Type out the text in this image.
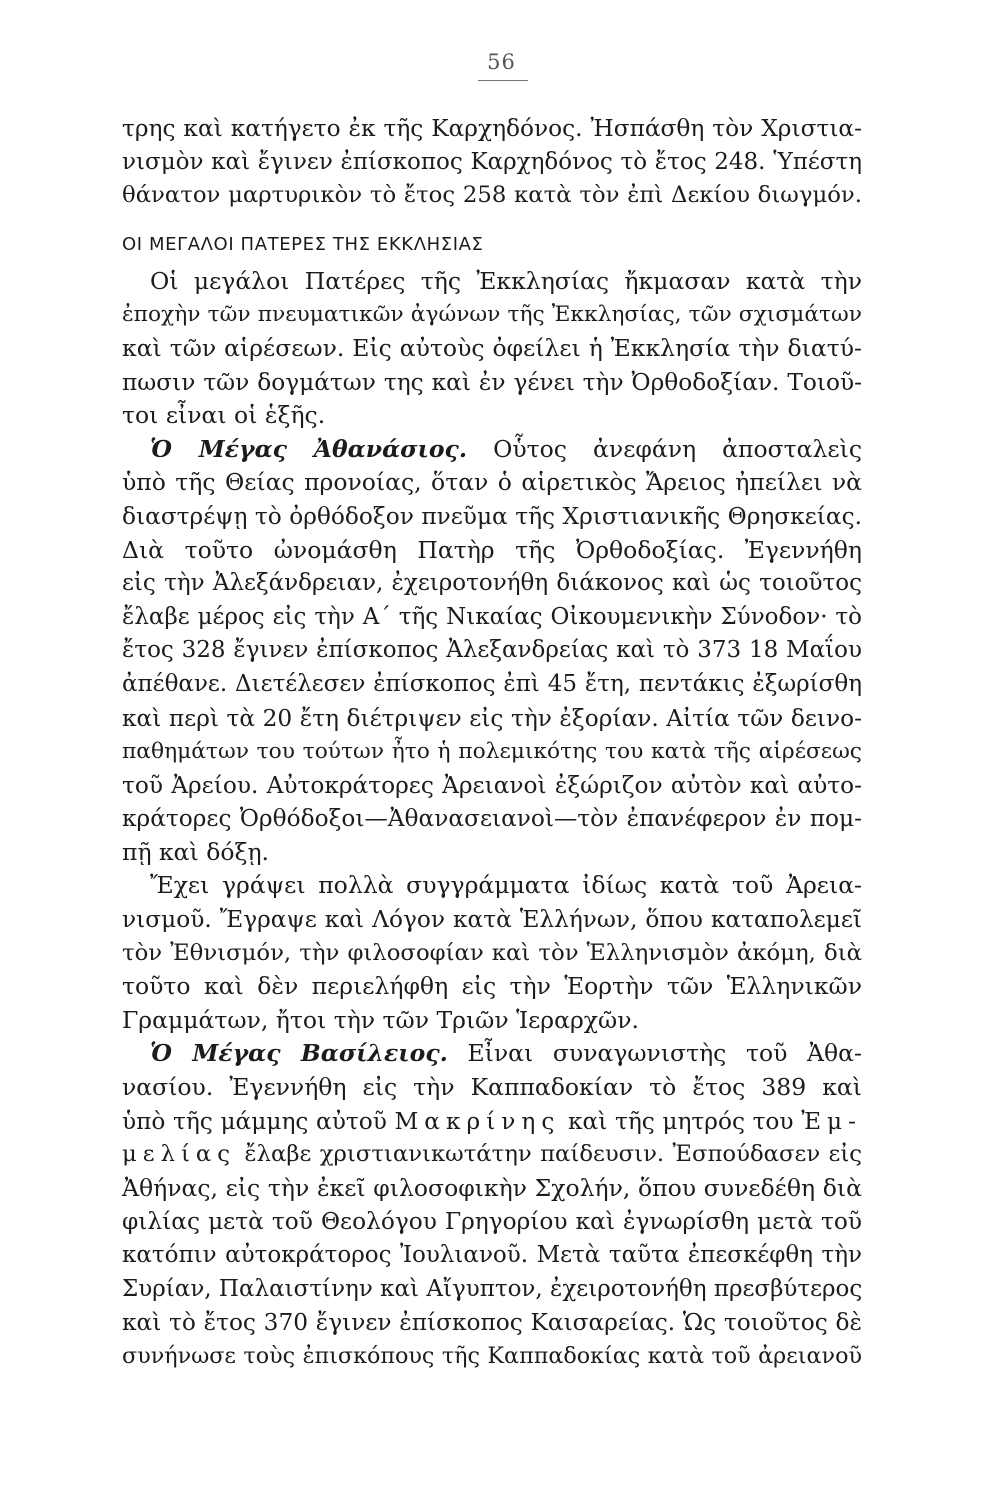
56
τρης καὶ κατήγετο ἐκ τῆς Καρχηδόνος. Ἠσπάσθη τὸν Χριστια-
νισμὸν καὶ ἔγινεν ἐπίσκοπος Καρχηδόνος τὸ ἔτος 248. Ὑπέστη
θάνατον μαρτυρικὸν τὸ ἔτος 258 κατὰ τὸν ἐπὶ Δεκίου διωγμόν.
ΟΙ ΜΕΓΑΛΟΙ ΠΑΤΕΡΕΣ ΤΗΣ ΕΚΚΛΗΣΙΑΣ
Οἱ μεγάλοι Πατέρες τῆς Ἐκκλησίας ἤκμασαν κατὰ τὴν
ἐποχὴν τῶν πνευματικῶν ἀγώνων τῆς Ἐκκλησίας, τῶν σχισμάτων
καὶ τῶν αἱρέσεων. Εἰς αὐτοὺς ὀφείλει ἡ Ἐκκλησία τὴν διατύ-
πωσιν τῶν δογμάτων της καὶ ἐν γένει τὴν Ὀρθοδοξίαν. Τοιοῦ-
τοι εἶναι οἱ ἑξῆς.
Ὁ Μέγας Ἀθανάσιος. Οὗτος ἀνεφάνη ἀποσταλεὶς
ὑπὸ τῆς Θείας προνοίας, ὅταν ὁ αἱρετικὸς Ἄρειος ἠπείλει νὰ
διαστρέψῃ τὸ ὀρθόδοξον πνεῦμα τῆς Χριστιανικῆς Θρησκείας.
Διὰ τοῦτο ὠνομάσθη Πατὴρ τῆς Ὀρθοδοξίας. Ἐγεννήθη
εἰς τὴν Ἀλεξάνδρειαν, ἐχειροτονήθη διάκονος καὶ ὡς τοιοῦτος
ἔλαβε μέρος εἰς τὴν Α΄ τῆς Νικαίας Οἰκουμενικὴν Σύνοδον· τὸ
ἔτος 328 ἔγινεν ἐπίσκοπος Ἀλεξανδρείας καὶ τὸ 373 18 Μαΐου
ἀπέθανε. Διετέλεσεν ἐπίσκοπος ἐπὶ 45 ἔτη, πεντάκις ἐξωρίσθη
καὶ περὶ τὰ 20 ἔτη διέτριψεν εἰς τὴν ἐξορίαν. Αἰτία τῶν δεινο-
παθημάτων του τούτων ἦτο ἡ πολεμικότης του κατὰ τῆς αἱρέσεως
τοῦ Ἀρείου. Αὐτοκράτορες Ἀρειανοὶ ἐξώριζον αὐτὸν καὶ αὐτο-
κράτορες Ὀρθόδοξοι—Ἀθανασειανοὶ—τὸν ἐπανέφερον ἐν πομ-
πῇ καὶ δόξῃ.
Ἔχει γράψει πολλὰ συγγράμματα ἰδίως κατὰ τοῦ Ἀρεια-
νισμοῦ. Ἔγραψε καὶ Λόγον κατὰ Ἑλλήνων, ὅπου καταπολεμεῖ
τὸν Ἐθνισμόν, τὴν φιλοσοφίαν καὶ τὸν Ἑλληνισμὸν ἀκόμη, διὰ
τοῦτο καὶ δὲν περιελήφθη εἰς τὴν Ἑορτὴν τῶν Ἑλληνικῶν
Γραμμάτων, ἤτοι τὴν τῶν Τριῶν Ἱεραρχῶν.
Ὁ Μέγας Βασίλειος. Εἶναι συναγωνιστὴς τοῦ Ἀθα-
νασίου. Ἐγεννήθη εἰς τὴν Καππαδοκίαν τὸ ἔτος 389 καὶ
ὑπὸ τῆς μάμμης αὐτοῦ Μακρίνης καὶ τῆς μητρός του Ἐμ-
μελίας ἔλαβε χριστιανικωτάτην παίδευσιν. Ἐσπούδασεν εἰς
Ἀθήνας, εἰς τὴν ἐκεῖ φιλοσοφικὴν Σχολήν, ὅπου συνεδέθη διὰ
φιλίας μετὰ τοῦ Θεολόγου Γρηγορίου καὶ ἐγνωρίσθη μετὰ τοῦ
κατόπιν αὐτοκράτορος Ἰουλιανοῦ. Μετὰ ταῦτα ἐπεσκέφθη τὴν
Συρίαν, Παλαιστίνην καὶ Αἴγυπτον, ἐχειροτονήθη πρεσβύτερος
καὶ τὸ ἔτος 370 ἔγινεν ἐπίσκοπος Καισαρείας. Ὡς τοιοῦτος δὲ
συνήνωσε τοὺς ἐπισκόπους τῆς Καππαδοκίας κατὰ τοῦ ἀρειανοῦ
